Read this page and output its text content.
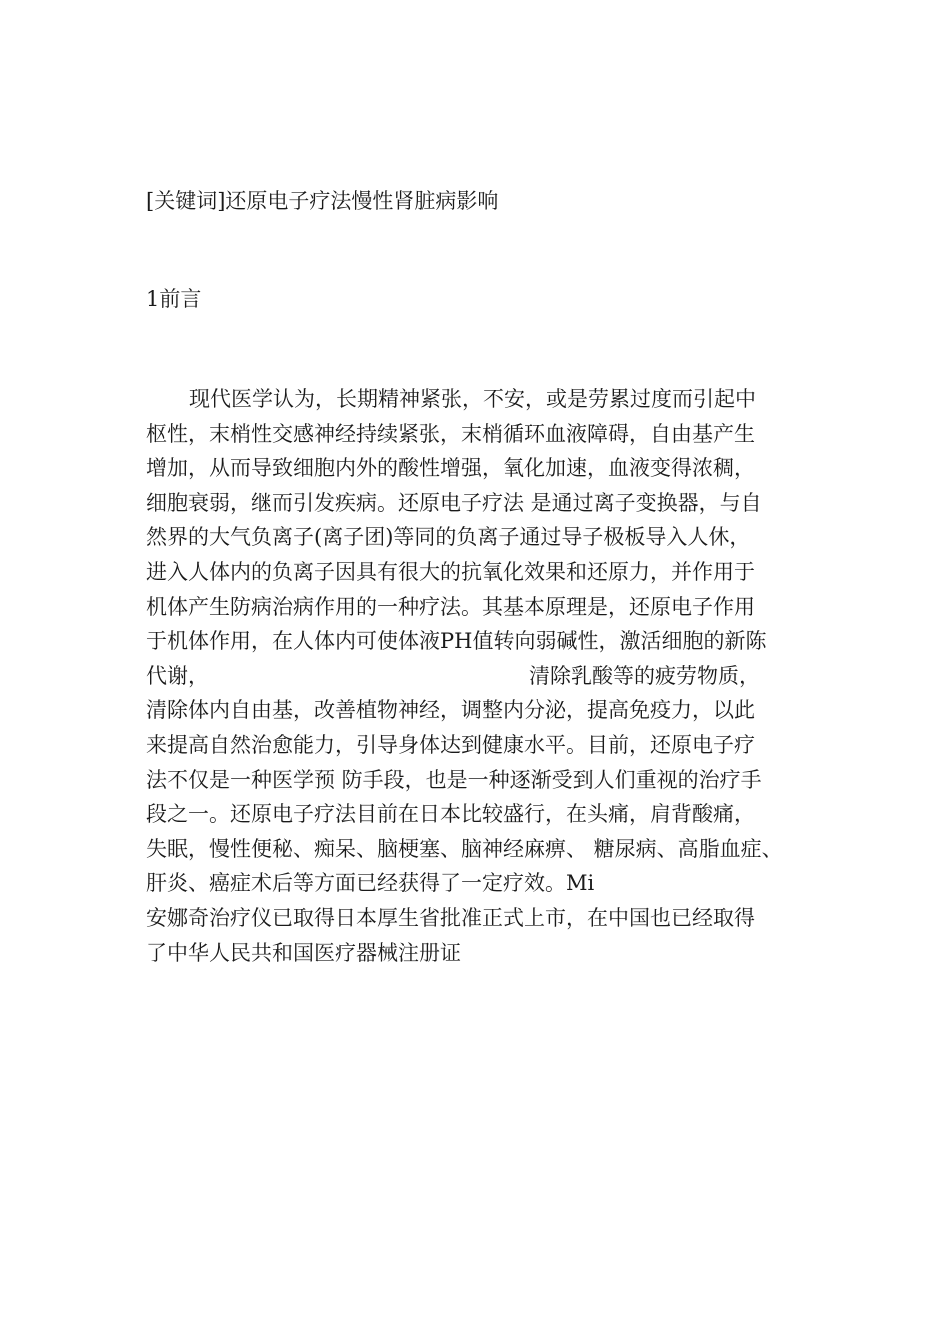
[关键词]还原电子疗法慢性肾脏病影响
1前言
现代医学认为，长期精神紧张，不安，或是劳累过度而引起中
枢性，末梢性交感神经持续紧张，末梢循环血液障碍，自由基产生
增加，从而导致细胞内外的酸性增强，氧化加速，血液变得浓稠，
细胞衰弱，继而引发疾病。还原电子疗法 是通过离子变换器，与自
然界的大气负离子(离子团)等同的负离子通过导子极板导入人休，
进入人体内的负离子因具有很大的抗氧化效果和还原力，并作用于
机体产生防病治病作用的一种疗法。其基本原理是，还原电子作用
于机体作用，在人体内可使体液PH值转向弱碱性，激活细胞的新陈
代谢，	清除乳酸等的疲劳物质，
清除体内自由基，改善植物神经，调整内分泌，提高免疫力，以此
来提高自然治愈能力，引导身体达到健康水平。目前，还原电子疗
法不仅是一种医学预 防手段，也是一种逐渐受到人们重视的治疗手
段之一。还原电子疗法目前在日本比较盛行，在头痛，肩背酸痛，
失眠，慢性便秘、痴呆、脑梗塞、脑神经麻痹、 糖尿病、高脂血症、
肝炎、癌症术后等方面已经获得了一定疗效。Mi
安娜奇治疗仪已取得日本厚生省批准正式上市，在中国也已经取得
了中华人民共和国医疗器械注册证
